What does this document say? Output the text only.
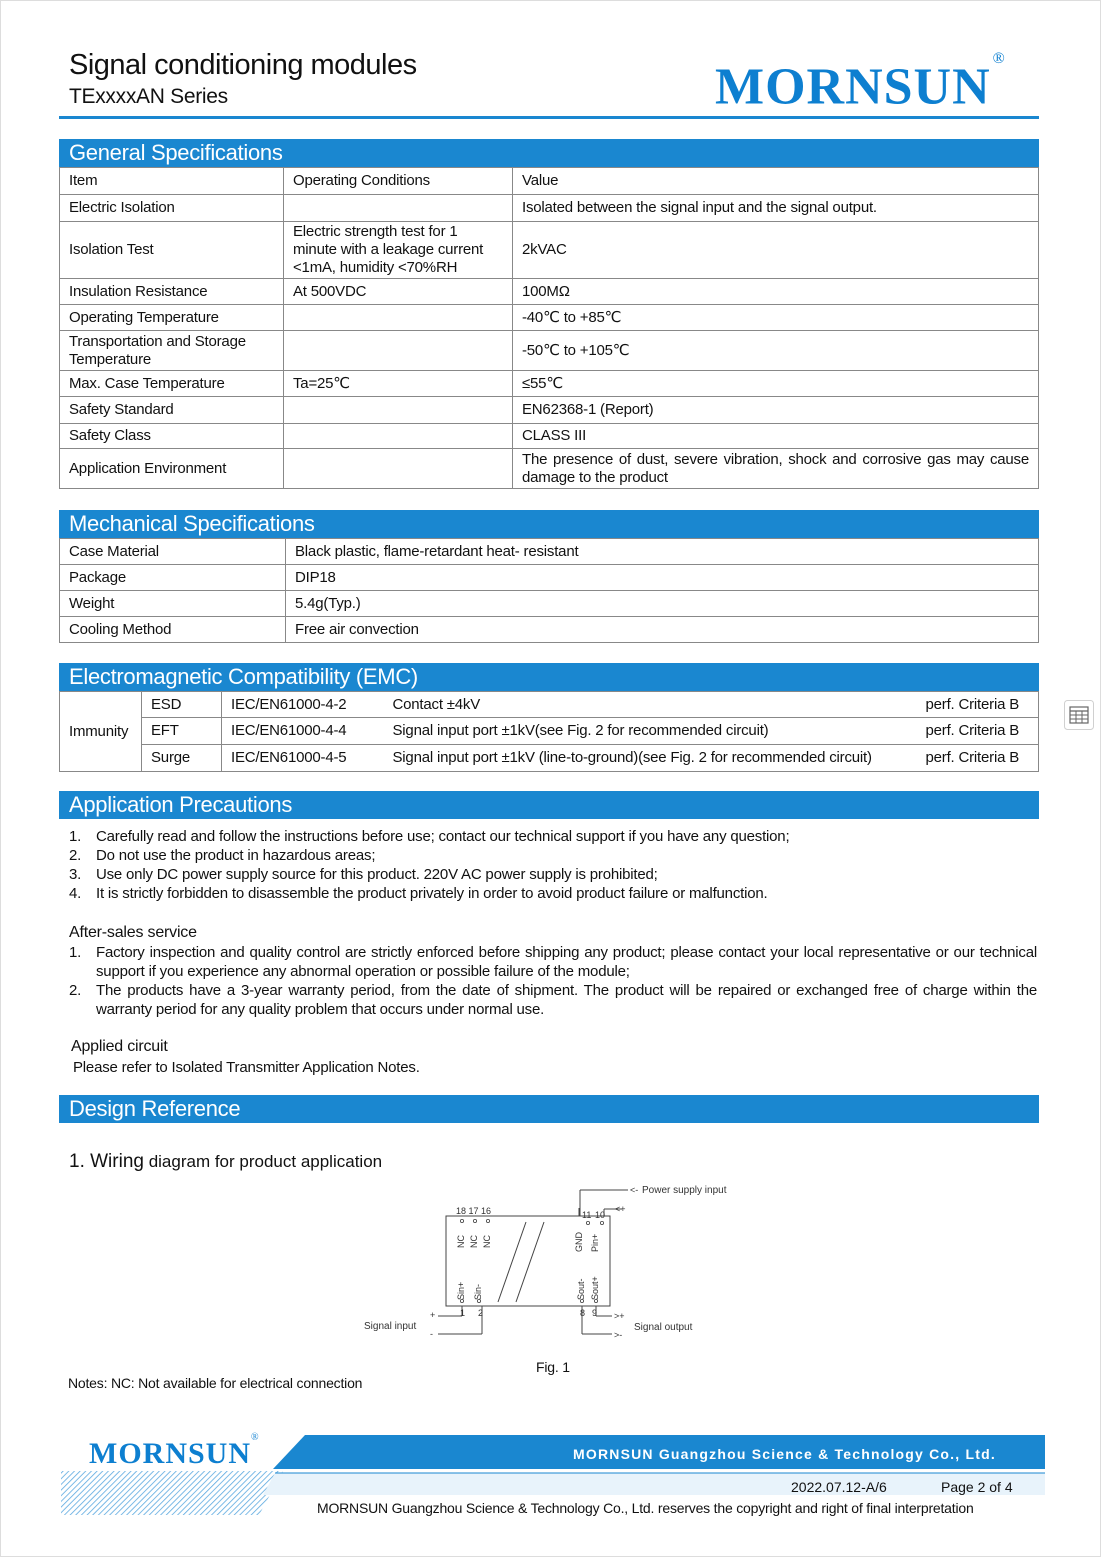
Signal conditioning modules
TExxxxAN Series	MORNSUN ®
General Specifications
Item	Operating Conditions	Value
Electric Isolation		Isolated between the signal input and the signal output.
Isolation Test	Electric strength test for 1 minute with a leakage current <1mA, humidity <70%RH	2kVAC
Insulation Resistance	At 500VDC	100MΩ
Operating Temperature		-40℃ to +85℃
Transportation and Storage Temperature		-50℃ to +105℃
Max. Case Temperature	Ta=25℃	≤55℃
Safety Standard		EN62368-1 (Report)
Safety Class		CLASS III
Application Environment		The presence of dust, severe vibration, shock and corrosive gas may cause damage to the product
Mechanical Specifications
Case Material	Black plastic, flame-retardant heat- resistant
Package	DIP18
Weight	5.4g(Typ.)
Cooling Method	Free air convection
Electromagnetic Compatibility (EMC)
Immunity	ESD	IEC/EN61000-4-2	Contact ±4kV	perf. Criteria B
	EFT	IEC/EN61000-4-4	Signal input port ±1kV(see Fig. 2 for recommended circuit)	perf. Criteria B
	Surge	IEC/EN61000-4-5	Signal input port ±1kV (line-to-ground)(see Fig. 2 for recommended circuit)	perf. Criteria B
Application Precautions
1. Carefully read and follow the instructions before use; contact our technical support if you have any question;
2. Do not use the product in hazardous areas;
3. Use only DC power supply source for this product. 220V AC power supply is prohibited;
4. It is strictly forbidden to disassemble the product privately in order to avoid product failure or malfunction.
After-sales service
1. Factory inspection and quality control are strictly enforced before shipping any product; please contact your local representative or our technical support if you experience any abnormal operation or possible failure of the module;
2. The products have a 3-year warranty period, from the date of shipment. The product will be repaired or exchanged free of charge within the warranty period for any quality problem that occurs under normal use.
Applied circuit
Please refer to Isolated Transmitter Application Notes.
Design Reference
1. Wiring diagram for product application
<-
<+
+
-
>+
>-
Power supply input
Signal input	Signal output
18 17 16	11 10
1 2	8 9
NC NC NC	GND Pin+
Sin+ Sin-	Sout- Sout+
Fig. 1
Notes: NC: Not available for electrical connection
MORNSUN®
MORNSUN Guangzhou Science & Technology Co., Ltd.
2022.07.12-A/6	Page 2 of 4
MORNSUN Guangzhou Science & Technology Co., Ltd. reserves the copyright and right of final interpretation
